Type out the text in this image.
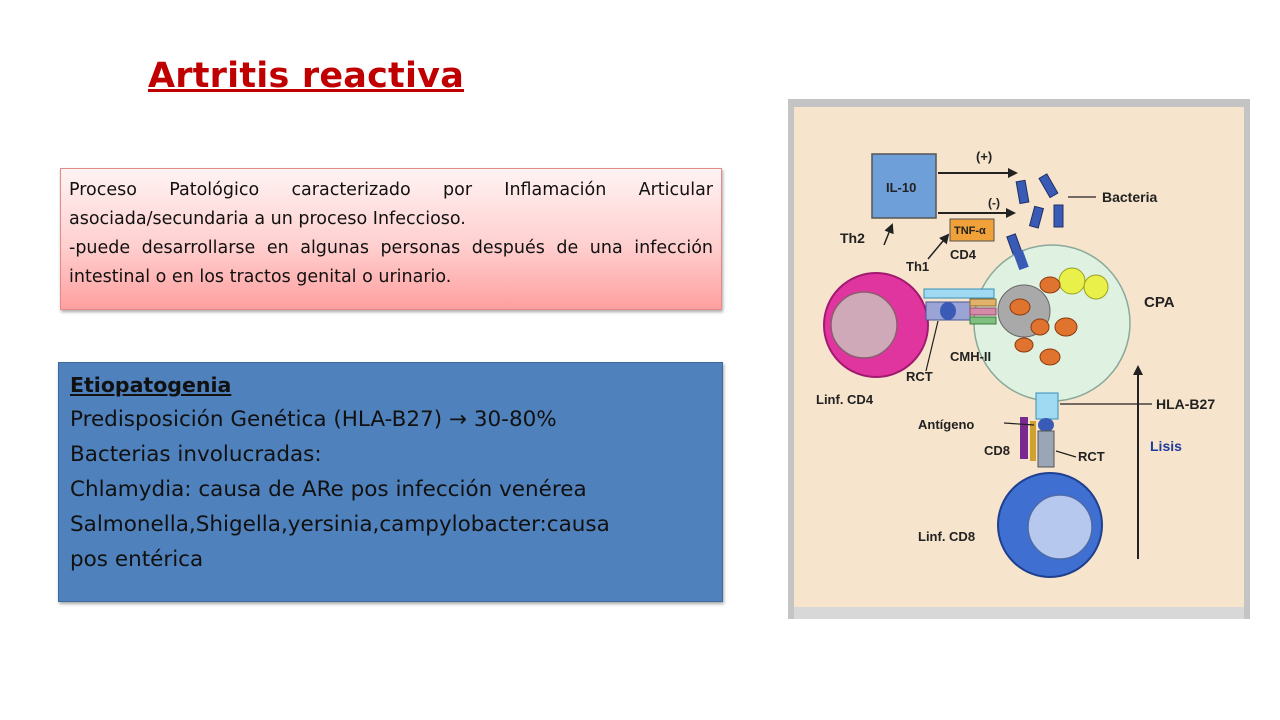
Artritis reactiva

Proceso Patológico caracterizado por Inflamación Articular asociada/secundaria a un proceso Infeccioso.

-puede desarrollarse en algunas personas después de una infección intestinal o en los tractos genital o urinario.

Etiopatogenia
Predisposición Genética (HLA-B27) → 30-80%
Bacterias involucradas:
Chlamydia: causa de ARe pos infección venérea
Salmonella,Shigella,yersinia,campylobacter:causa
pos entérica
IL-10
(+)
(-)
TNF-α
Bacteria
CPA
Th2
Th1
CD4
Linf. CD4
RCT
CMH-II
HLA-B27
Antígeno
CD8	RCT
Lisis
Linf. CD8
